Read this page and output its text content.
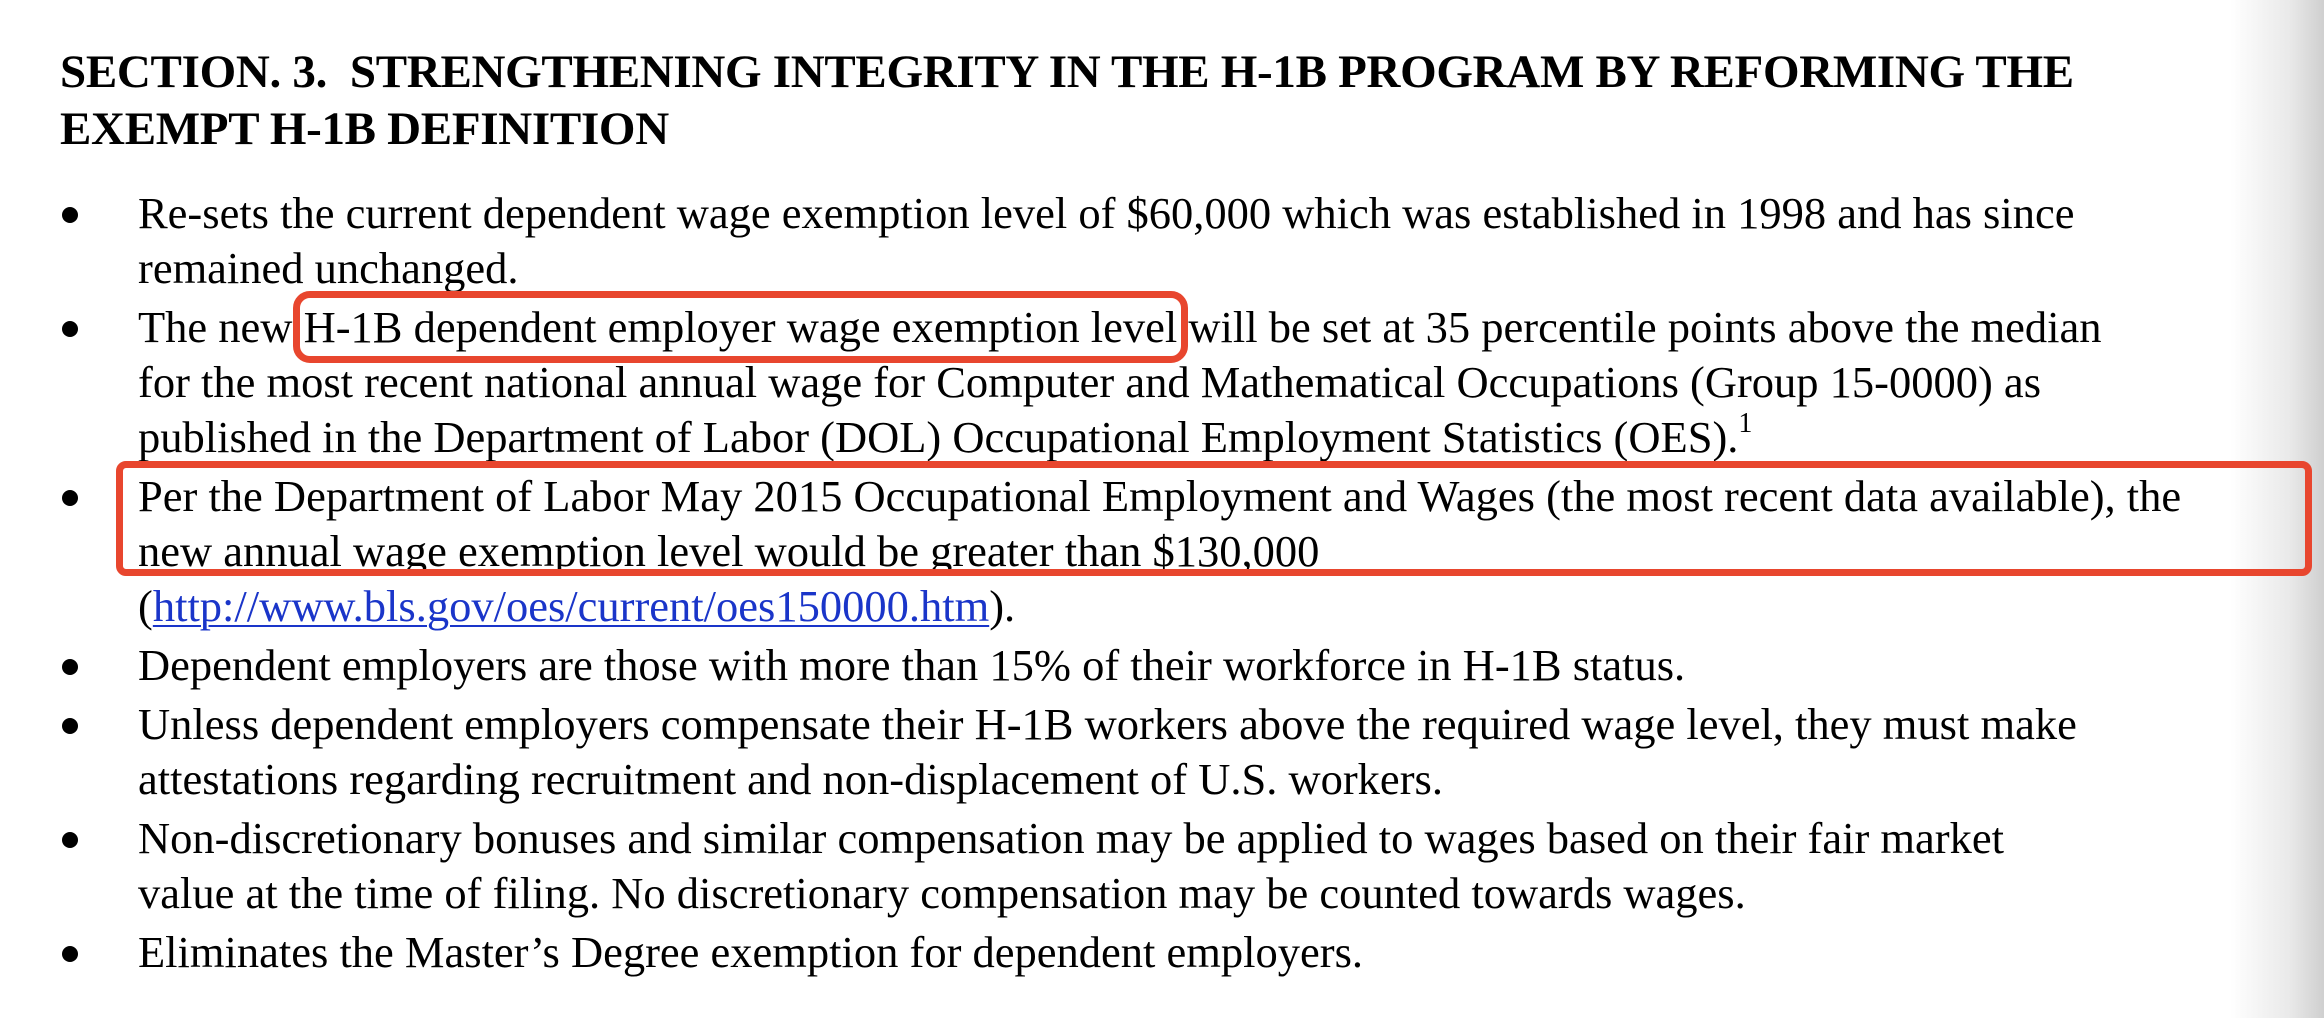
SECTION. 3.  STRENGTHENING INTEGRITY IN THE H-1B PROGRAM BY REFORMING THE
EXEMPT H-1B DEFINITION
Re-sets the current dependent wage exemption level of $60,000 which was established in 1998 and has since
remained unchanged.
The new H-1B dependent employer wage exemption level will be set at 35 percentile points above the median
for the most recent national annual wage for Computer and Mathematical Occupations (Group 15-0000) as
published in the Department of Labor (DOL) Occupational Employment Statistics (OES).$^1$
Per the Department of Labor May 2015 Occupational Employment and Wages (the most recent data available), the
new annual wage exemption level would be greater than $130,000
(http://www.bls.gov/oes/current/oes150000.htm).
Dependent employers are those with more than 15% of their workforce in H-1B status.
Unless dependent employers compensate their H-1B workers above the required wage level, they must make
attestations regarding recruitment and non-displacement of U.S. workers.
Non-discretionary bonuses and similar compensation may be applied to wages based on their fair market
value at the time of filing. No discretionary compensation may be counted towards wages.
Eliminates the Master’s Degree exemption for dependent employers.
